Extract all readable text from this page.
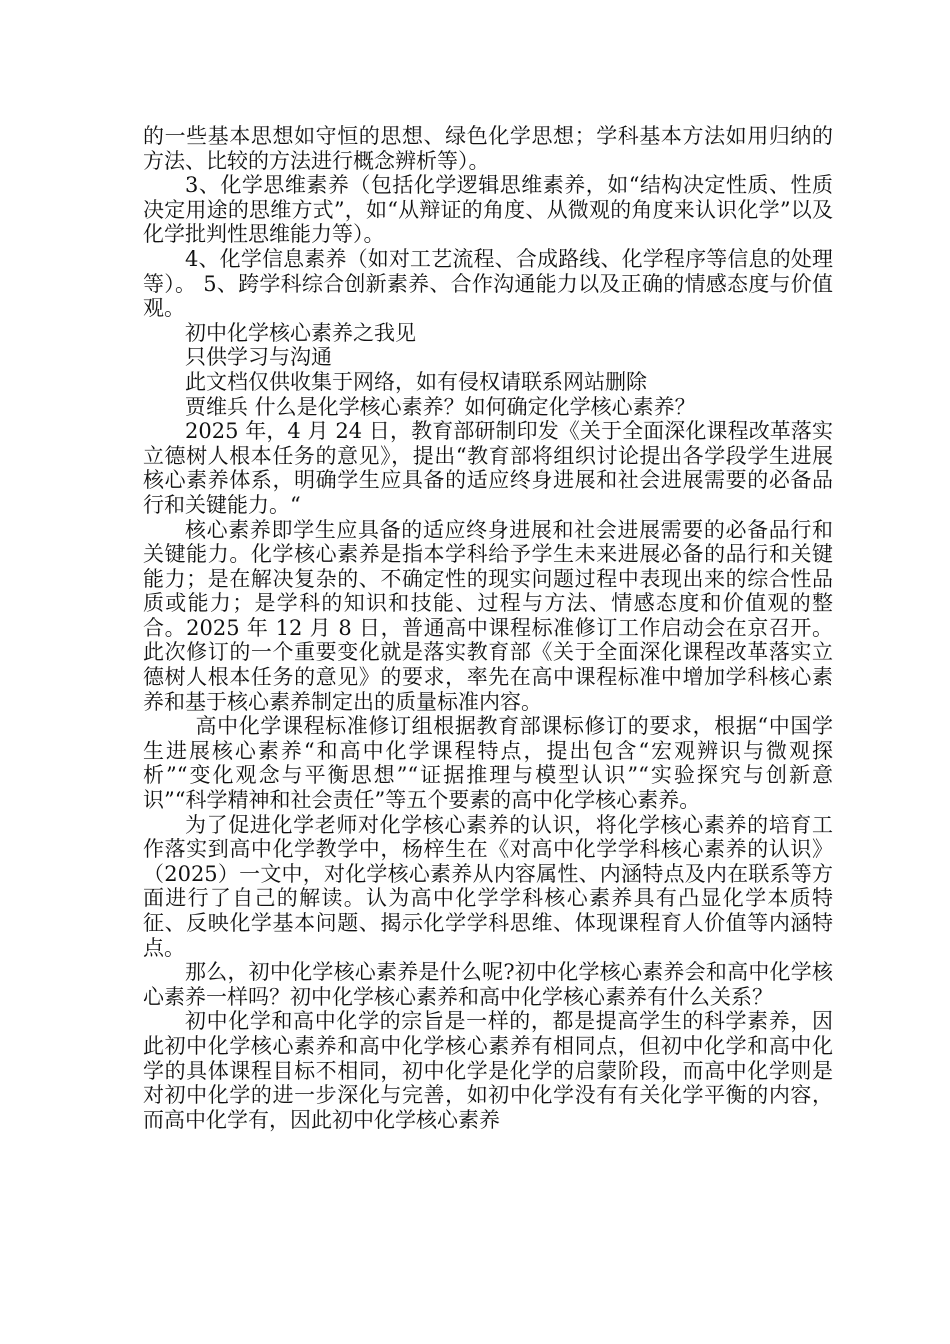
的一些基本思想如守恒的思想、绿色化学思想；学科基本方法如用归纳的方法、比较的方法进行概念辨析等）。

3、化学思维素养（包括化学逻辑思维素养，如“结构决定性质、性质决定用途的思维方式”，如“从辩证的角度、从微观的角度来认识化学”以及化学批判性思维能力等）。

4、化学信息素养（如对工艺流程、合成路线、化学程序等信息的处理等）。 5、跨学科综合创新素养、合作沟通能力以及正确的情感态度与价值观。

初中化学核心素养之我见

只供学习与沟通

此文档仅供收集于网络，如有侵权请联系网站删除

贾维兵 什么是化学核心素养？如何确定化学核心素养？

2025 年，4 月 24 日，教育部研制印发《关于全面深化课程改革落实立德树人根本任务的意见》，提出“教育部将组织讨论提出各学段学生进展核心素养体系，明确学生应具备的适应终身进展和社会进展需要的必备品行和关键能力。“

核心素养即学生应具备的适应终身进展和社会进展需要的必备品行和关键能力。化学核心素养是指本学科给予学生未来进展必备的品行和关键能力；是在解决复杂的、不确定性的现实问题过程中表现出来的综合性品质或能力；是学科的知识和技能、过程与方法、情感态度和价值观的整合。2025 年 12 月 8 日，普通高中课程标准修订工作启动会在京召开。此次修订的一个重要变化就是落实教育部《关于全面深化课程改革落实立德树人根本任务的意见》的要求，率先在高中课程标准中增加学科核心素养和基于核心素养制定出的质量标准内容。

高中化学课程标准修订组根据教育部课标修订的要求，根据“中国学生进展核心素养“和高中化学课程特点，提出包含“宏观辨识与微观探析”“变化观念与平衡思想”“证据推理与模型认识”“实验探究与创新意识”“科学精神和社会责任”等五个要素的高中化学核心素养。

为了促进化学老师对化学核心素养的认识，将化学核心素养的培育工作落实到高中化学教学中，杨梓生在《对高中化学学科核心素养的认识》（2025）一文中，对化学核心素养从内容属性、内涵特点及内在联系等方面进行了自己的解读。认为高中化学学科核心素养具有凸显化学本质特征、反映化学基本问题、揭示化学学科思维、体现课程育人价值等内涵特点。

那么，初中化学核心素养是什么呢?初中化学核心素养会和高中化学核心素养一样吗？初中化学核心素养和高中化学核心素养有什么关系？

初中化学和高中化学的宗旨是一样的，都是提高学生的科学素养，因此初中化学核心素养和高中化学核心素养有相同点，但初中化学和高中化学的具体课程目标不相同，初中化学是化学的启蒙阶段，而高中化学则是对初中化学的进一步深化与完善，如初中化学没有有关化学平衡的内容，而高中化学有，因此初中化学核心素养
